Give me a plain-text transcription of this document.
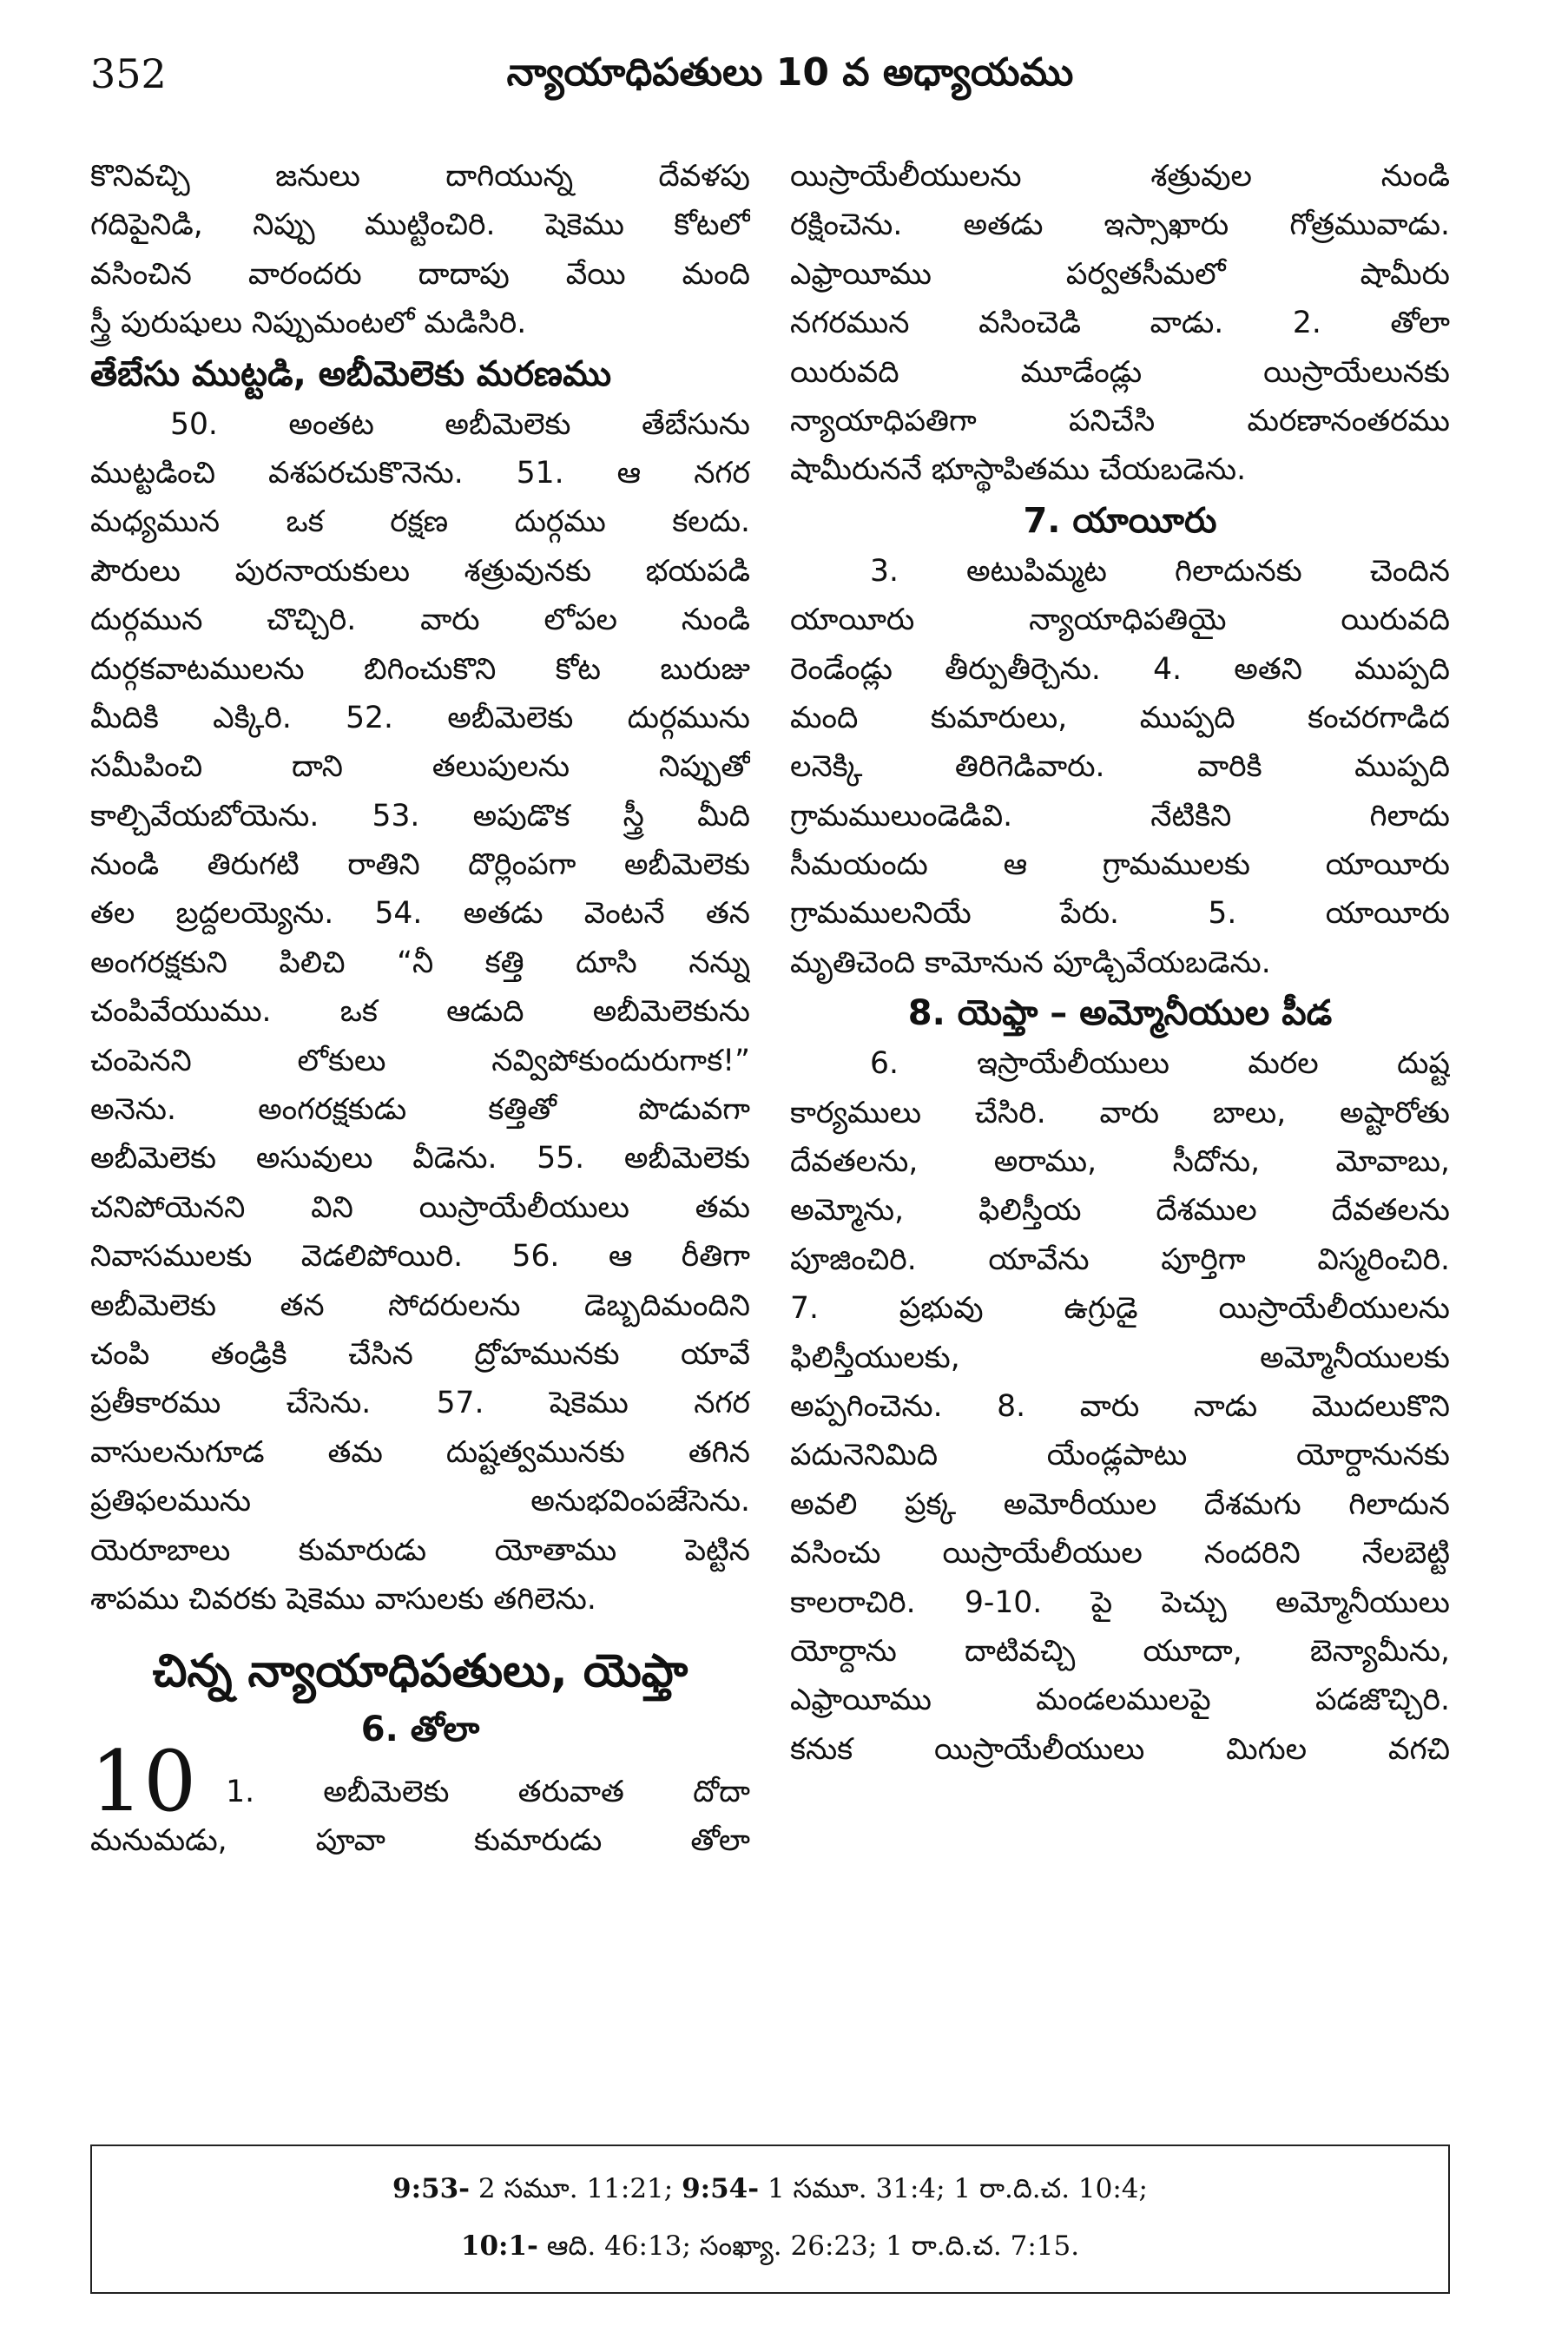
352	న్యాయాధిపతులు 10 వ అధ్యాయము
కొనివచ్చి జనులు దాగియున్న దేవళపు
గదిపైనిడి, నిప్పు ముట్టించిరి. షెకెము కోటలో
వసించిన వారందరు దాదాపు వేయి మంది
స్త్రీ పురుషులు నిప్పుమంటలో మడిసిరి.
తేబేసు ముట్టడి, అబీమెలెకు మరణము
50. అంతట అబీమెలెకు తేబేసును
ముట్టడించి వశపరచుకొనెను. 51. ఆ నగర
మధ్యమున ఒక రక్షణ దుర్గము కలదు.
పౌరులు పురనాయకులు శత్రువునకు భయపడి
దుర్గమున చొచ్చిరి. వారు లోపల నుండి
దుర్గకవాటములను బిగించుకొని కోట బురుజు
మీదికి ఎక్కిరి. 52. అబీమెలెకు దుర్గమును
సమీపించి దాని తలుపులను నిప్పుతో
కాల్చివేయబోయెను. 53. అపుడొక స్త్రీ మీది
నుండి తిరుగటి రాతిని దొర్లింపగా అబీమెలెకు
తల బ్రద్దలయ్యెను. 54. అతడు వెంటనే తన
అంగరక్షకుని పిలిచి “నీ కత్తి దూసి నన్ను
చంపివేయుము. ఒక ఆడుది అబీమెలెకును
చంపెనని లోకులు నవ్విపోకుందురుగాక!”
అనెను. అంగరక్షకుడు కత్తితో పొడువగా
అబీమెలెకు అసువులు వీడెను. 55. అబీమెలెకు
చనిపోయెనని విని యిస్రాయేలీయులు తమ
నివాసములకు వెడలిపోయిరి. 56. ఆ రీతిగా
అబీమెలెకు తన సోదరులను డెబ్బదిమందిని
చంపి తండ్రికి చేసిన ద్రోహమునకు యావే
ప్రతీకారము చేసెను. 57. షెకెము నగర
వాసులనుగూడ తమ దుష్టత్వమునకు తగిన
ప్రతిఫలమును అనుభవింపజేసెను.
యెరూబాలు కుమారుడు యోతాము పెట్టిన
శాపము చివరకు షెకెము వాసులకు తగిలెను.
చిన్న న్యాయాధిపతులు, యెఫ్తా
6. తోలా
10 1. అబీమెలెకు తరువాత దోదా
మనుమడు, పూవా కుమారుడు తోలా
యిస్రాయేలీయులను శత్రువుల నుండి
రక్షించెను. అతడు ఇస్సాఖారు గోత్రమువాడు.
ఎఫ్రాయీము పర్వతసీమలో షామీరు
నగరమున వసించెడి వాడు. 2. తోలా
యిరువది మూడేండ్లు యిస్రాయేలునకు
న్యాయాధిపతిగా పనిచేసి మరణానంతరము
షామీరుననే భూస్థాపితము చేయబడెను.
7. యాయీరు
3. అటుపిమ్మట గిలాదునకు చెందిన
యాయీరు న్యాయాధిపతియై యిరువది
రెండేండ్లు తీర్పుతీర్చెను. 4. అతని ముప్పది
మంది కుమారులు, ముప్పది కంచరగాడిద
లనెక్కి తిరిగెడివారు. వారికి ముప్పది
గ్రామములుండెడివి. నేటికిని గిలాదు
సీమయందు ఆ గ్రామములకు యాయీరు
గ్రామములనియే పేరు. 5. యాయీరు
మృతిచెంది కామోనున పూడ్చివేయబడెను.
8. యెఫ్తా – అమ్మోనీయుల పీడ
6. ఇస్రాయేలీయులు మరల దుష్ట
కార్యములు చేసిరి. వారు బాలు, అష్టారోతు
దేవతలను, అరాము, సీదోను, మోవాబు,
అమ్మోను, ఫిలిస్తీయ దేశముల దేవతలను
పూజించిరి. యావేను పూర్తిగా విస్మరించిరి.
7. ప్రభువు ఉగ్రుడై యిస్రాయేలీయులను
ఫిలిస్తీయులకు, అమ్మోనీయులకు
అప్పగించెను. 8. వారు నాడు మొదలుకొని
పదునెనిమిది యేండ్లపాటు యోర్దానునకు
అవలి ప్రక్క అమోరీయుల దేశమగు గిలాదున
వసించు యిస్రాయేలీయుల నందరిని నేలబెట్టి
కాలరాచిరి. 9-10. పై పెచ్చు అమ్మోనీయులు
యోర్దాను దాటివచ్చి యూదా, బెన్యామీను,
ఎఫ్రాయీము మండలములపై పడజొచ్చిరి.
కనుక యిస్రాయేలీయులు మిగుల వగచి
9:53- 2 సమూ. 11:21; 9:54- 1 సమూ. 31:4; 1 రా.ది.చ. 10:4;
10:1- ఆది. 46:13; సంఖ్యా. 26:23; 1 రా.ది.చ. 7:15.
